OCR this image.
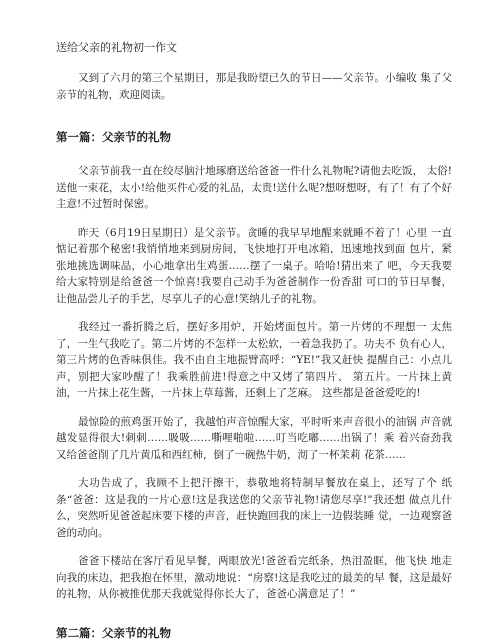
送给父亲的礼物初一作文

又到了六月的第三个星期日，那是我盼望已久的节日——父亲节。小编收 集了父亲节的礼物，欢迎阅读。

第一篇：父亲节的礼物

父亲节前我一直在绞尽脑汁地琢磨送给爸爸一件什么礼物呢?请他去吃饭， 太俗!送他一束花，太小!给他买件心爱的礼品，太贵!送什么呢?想呀想呀，有了！有了个好主意!不过暂时保密。

昨天（6月19日星期日）是父亲节。贪睡的我早早地醒来就睡不着了！心里 一直惦记着那个秘密!我悄悄地来到厨房间，飞快地打开电冰箱，迅速地找到面 包片，紧张地挑选调味品，小心地拿出生鸡蛋……摆了一桌子。哈哈!猜出来了 吧，今天我要给大家特别是给爸爸一个惊喜!我要自己动手为爸爸制作一份香甜 可口的节日早餐，让他品尝儿子的手艺，尽享儿子的心意!笑纳儿子的礼物。

我经过一番折腾之后，摆好多用炉，开始烤面包片。第一片烤的不理想一 太焦了，一生气我吃了。第二片烤的不怎样一太松软，一着急我扔了。功夫不 负有心人，第三片烤的色香味俱佳。我不由自主地振臂高呼：“YE!”我又赶快 提醒自己：小点儿声，别把大家吵醒了！我乘胜前进!得意之中又烤了第四片、 第五片。一片抹上黄油，一片抹上花生酱，一片抹上草莓酱，还剩上了芝麻。 这些都是爸爸爱吃的!

最惊险的煎鸡蛋开始了，我越怕声音惊醒大家，平时听来声音很小的油锅 声音就越发显得很大!刺刺……吸吸……嘶哩啪啦……叮当吃嘟……出锅了！乘 着兴奋劲我又给爸爸削了几片黄瓜和西红柿，倒了一碗热牛奶，沏了一杯茉莉 花茶……

大功告成了，我顾不上把汗擦干，恭敬地将特制早餐放在桌上，还写了个 纸条“爸爸：这是我的一片心意!这是我送您的父亲节礼物!请您尽享!”我还想 做点儿什么，突然听见爸爸起床要下楼的声音，赶快跑回我的床上一边假装睡 觉，一边观察爸爸的动向。

爸爸下楼站在客厅看见早餐，两眼放光!爸爸看完纸条，热泪盈眶，他飞快 地走向我的床边，把我抱在怀里，激动地说：“房察!这是我吃过的最美的早 餐，这是最好的礼物，从你被推优那天我就觉得你长大了，爸爸心满意足了！”

第二篇：父亲节的礼物
